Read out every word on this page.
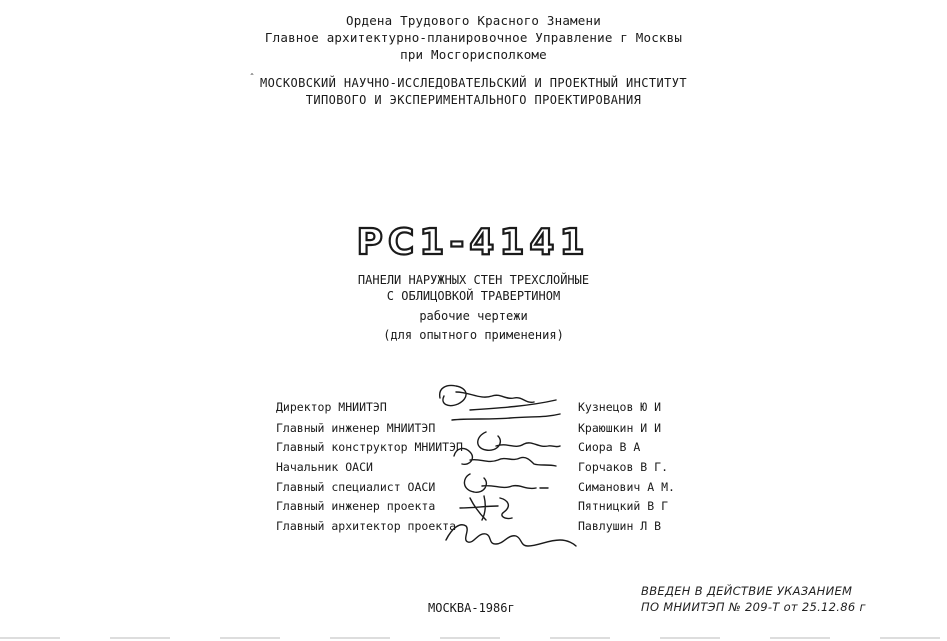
Ордена Трудового Красного Знамени
Главное архитектурно-планировочное Управление г Москвы
при Мосгорисполкоме
ˆ МОСКОВСКИЙ НАУЧНО-ИССЛЕДОВАТЕЛЬСКИЙ И ПРОЕКТНЫЙ ИНСТИТУТ
ТИПОВОГО И ЭКСПЕРИМЕНТАЛЬНОГО ПРОЕКТИРОВАНИЯ
РС1-4141
ПАНЕЛИ НАРУЖНЫХ СТЕН ТРЕХСЛОЙНЫЕ
С ОБЛИЦОВКОЙ ТРАВЕРТИНОМ
рабочие чертежи
(для опытного применения)
Директор МНИИТЭП	Кузнецов Ю И
Главный инженер МНИИТЭП	Краюшкин И И
Главный конструктор МНИИТЭП	Сиора В А
Начальник ОАСИ	Горчаков В Г.
Главный специалист ОАСИ	Симанович А М.
Главный инженер проекта	Пятницкий В Г
Главный архитектор проекта	Павлушин Л В
МОСКВА-1986г
ВВЕДЕН В ДЕЙСТВИЕ УКАЗАНИЕМ
ПО МНИИТЭП № 209-Т от 25.12.86 г
